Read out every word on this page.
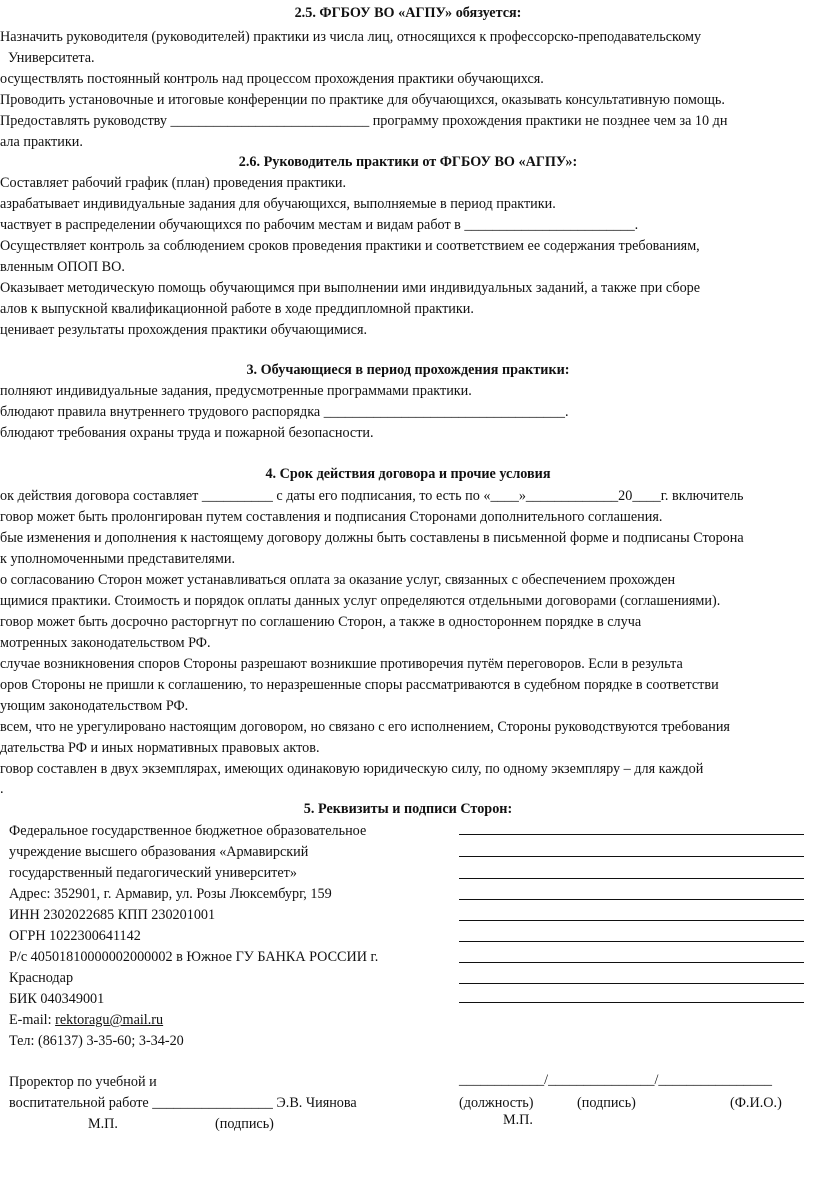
2.5. ФГБОУ ВО «АГПУ» обязуется:
Назначить руководителя (руководителей) практики из числа лиц, относящихся к профессорско-преподавательскому
Университета.
осуществлять постоянный контроль над процессом прохождения практики обучающихся.
Проводить установочные и итоговые конференции по практике для обучающихся, оказывать консультативную помощь.
Предоставлять руководству ____________________________ программу прохождения практики не позднее чем за 10 дн
ала практики.
2.6. Руководитель практики от ФГБОУ ВО «АГПУ»:
Составляет рабочий график (план) проведения практики.
азрабатывает индивидуальные задания для обучающихся, выполняемые в период практики.
частвует в распределении обучающихся по рабочим местам и видам работ в ________________________.
Осуществляет контроль за соблюдением сроков проведения практики и соответствием ее содержания требованиям,
вленным ОПОП ВО.
Оказывает методическую помощь обучающимся при выполнении ими индивидуальных заданий, а также при сборе
алов к выпускной квалификационной работе в ходе преддипломной практики.
ценивает результаты прохождения практики обучающимися.
3. Обучающиеся в период прохождения практики:
полняют индивидуальные задания, предусмотренные программами практики.
блюдают правила внутреннего трудового распорядка __________________________________.
блюдают требования охраны труда и пожарной безопасности.
4. Срок действия договора и прочие условия
ок действия договора составляет __________ с даты его подписания, то есть по «____»_____________20____г. включитель
говор может быть пролонгирован путем составления и подписания Сторонами дополнительного соглашения.
бые изменения и дополнения к настоящему договору должны быть составлены в письменной форме и подписаны Сторона
к уполномоченными представителями.
о согласованию Сторон может устанавливаться оплата за оказание услуг, связанных с обеспечением прохожден
щимися практики. Стоимость и порядок оплаты данных услуг определяются отдельными договорами (соглашениями).
говор может быть досрочно расторгнут по соглашению Сторон, а также в одностороннем порядке в случа
мотренных законодательством РФ.
случае возникновения споров Стороны разрешают возникшие противоречия путём переговоров. Если в результа
оров Стороны не пришли к соглашению, то неразрешенные споры рассматриваются в судебном порядке в соответстви
ующим законодательством РФ.
всем, что не урегулировано настоящим договором, но связано с его исполнением, Стороны руководствуются требования
дательства РФ и иных нормативных правовых актов.
говор составлен в двух экземплярах, имеющих одинаковую юридическую силу, по одному экземпляру – для каждой
.
5. Реквизиты и подписи Сторон:
Федеральное государственное бюджетное образовательное
учреждение высшего образования «Армавирский
государственный педагогический университет»
Адрес: 352901, г. Армавир, ул. Розы Люксембург, 159
ИНН 2302022685 КПП 230201001
ОГРН 1022300641142
Р/с 40501810000002000002 в Южное ГУ БАНКА РОССИИ г.
Краснодар
БИК 040349001
E-mail: rektoragu@mail.ru
Тел: (86137) 3-35-60; 3-34-20
Проректор по учебной и
воспитательной работе _________________ Э.В. Чиянова
М.П.	(подпись)
____________/_______________/________________
(должность)	(подпись)	(Ф.И.О.)
М.П.
